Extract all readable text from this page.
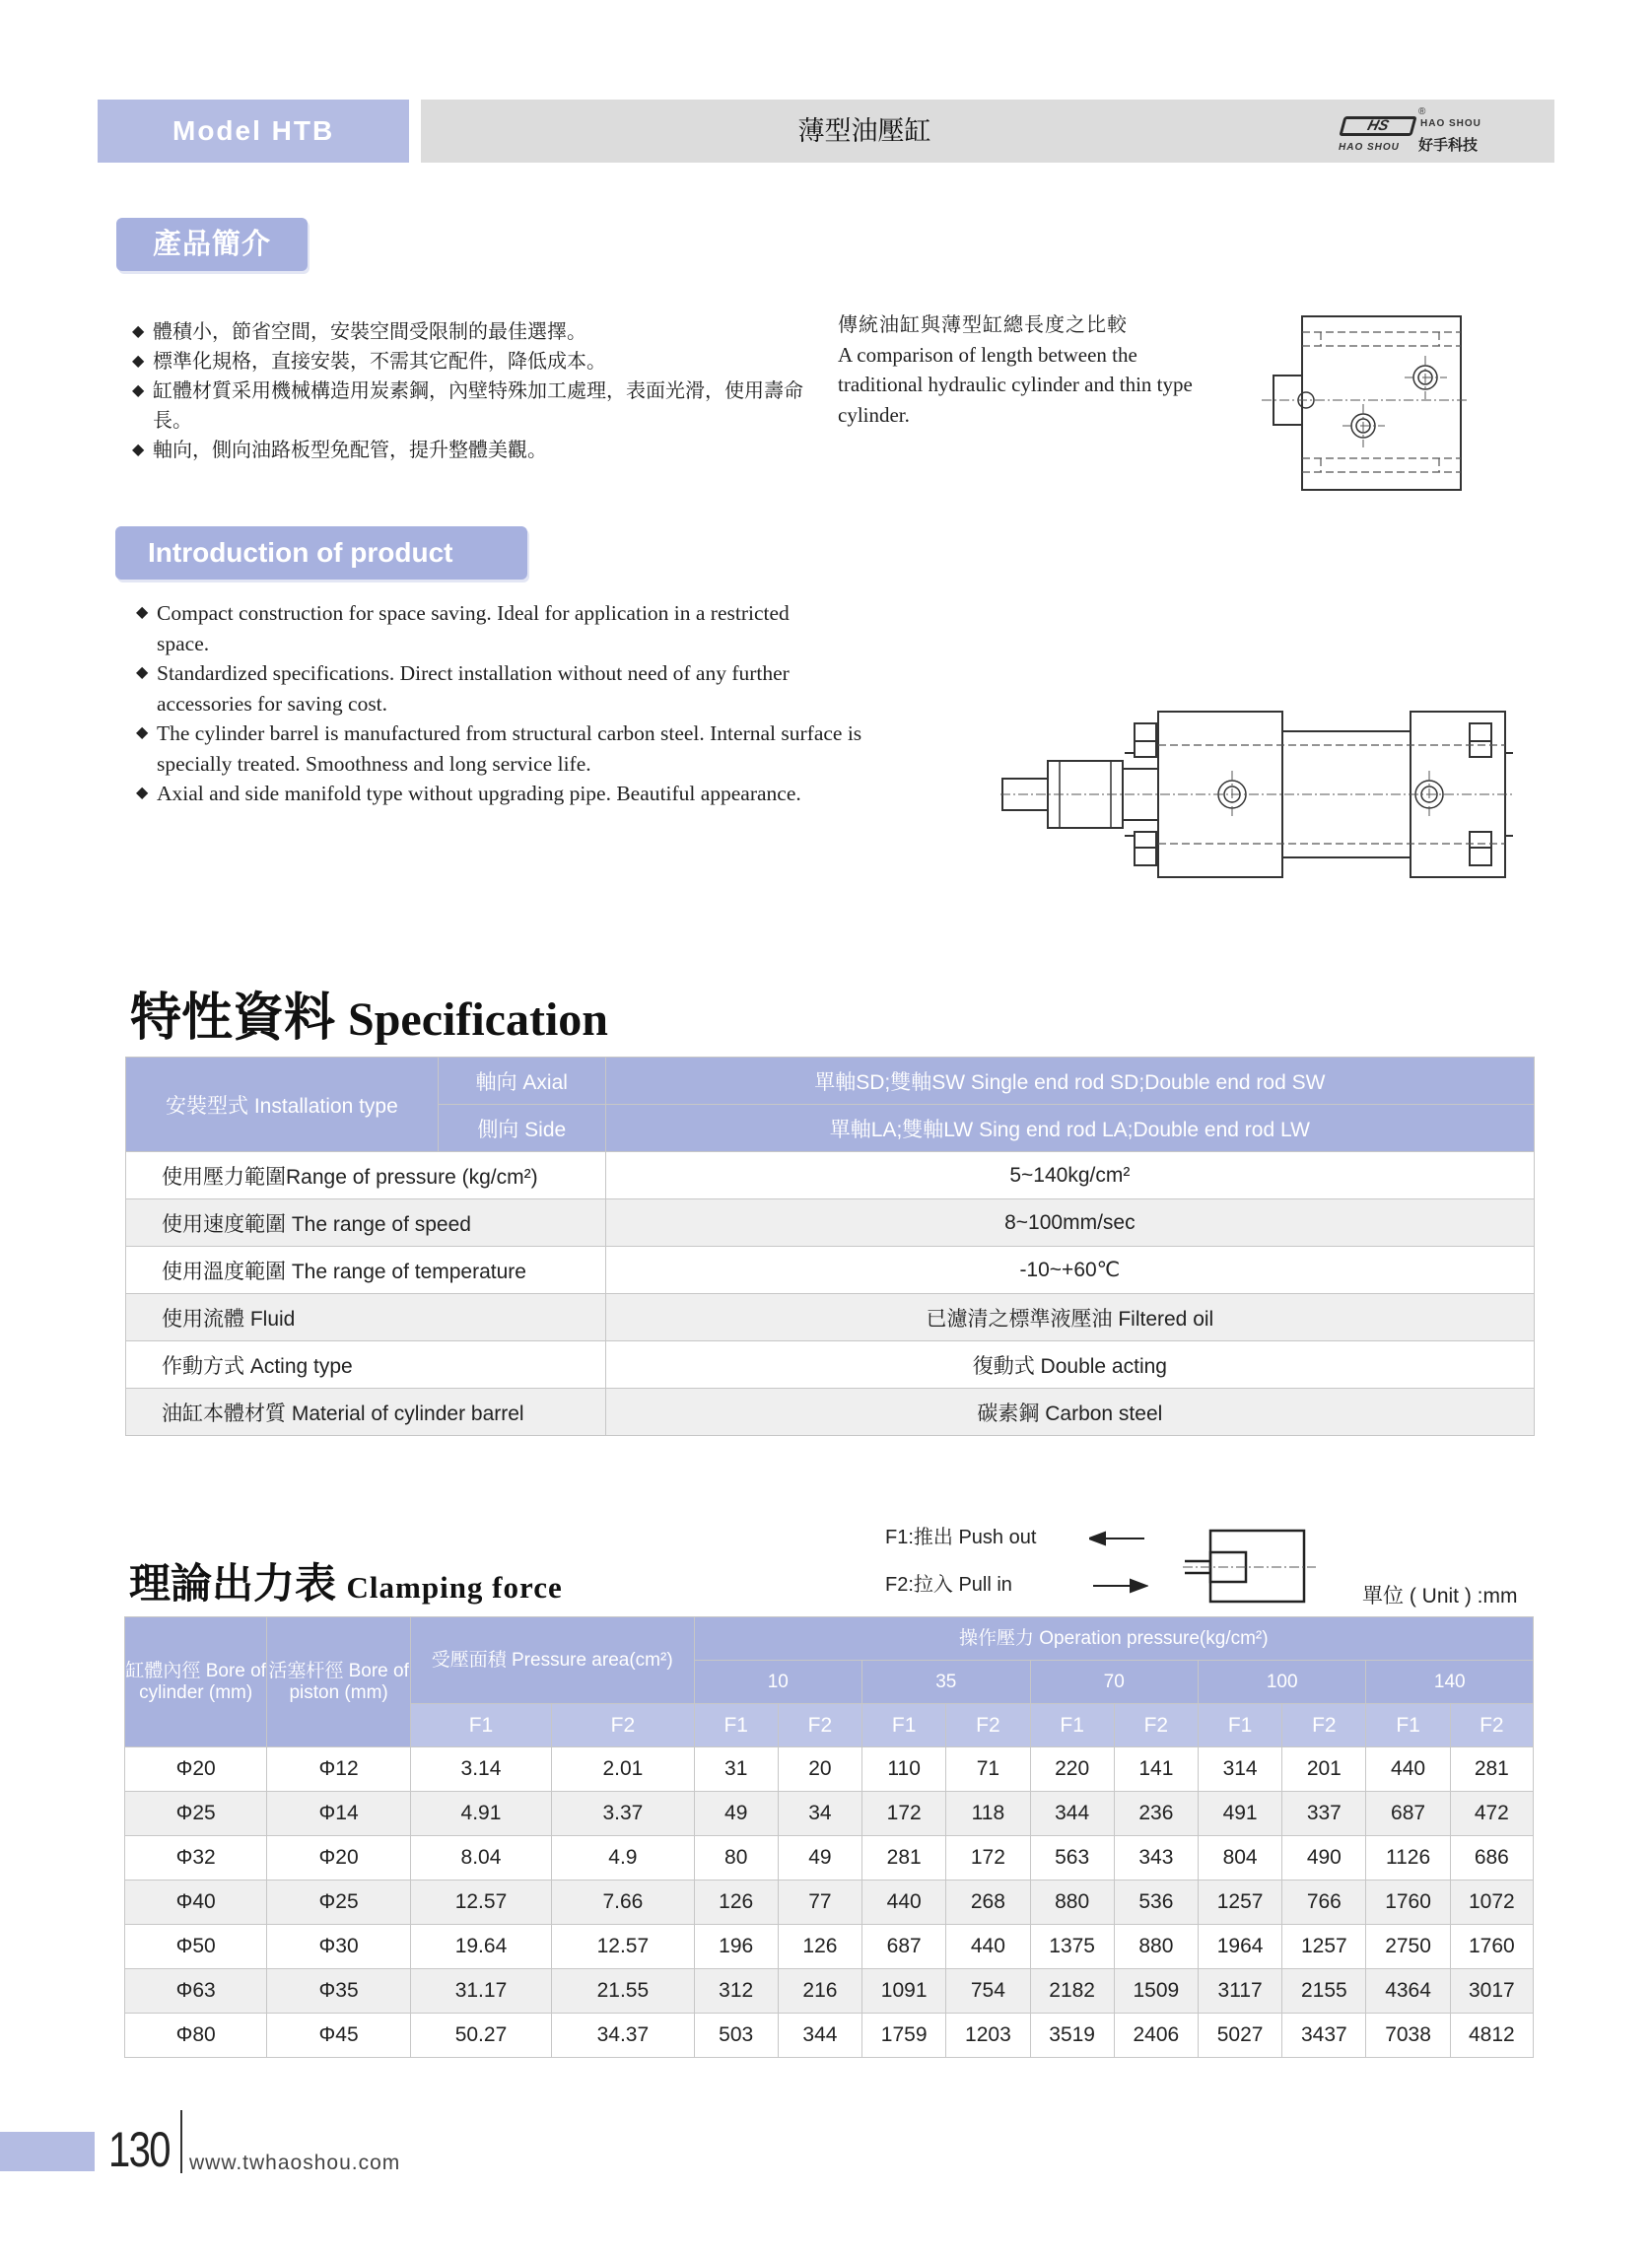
Model HTB	薄型油壓缸	HS
®
HAO SHOU
HAO SHOU 好手科技
產品簡介
◆ 體積小，節省空間，安裝空間受限制的最佳選擇。
◆ 標準化規格，直接安裝，不需其它配件，降低成本。
◆ 缸體材質采用機械構造用炭素鋼，內壁特殊加工處理，表面光滑，使用壽命長。
◆ 軸向，側向油路板型免配管，提升整體美觀。
傳統油缸與薄型缸總長度之比較
A comparison of length between the traditional hydraulic cylinder and thin type cylinder.
Introduction of product
◆ Compact construction for space saving. Ideal for application in a restricted space.
◆ Standardized specifications. Direct installation without need of any further accessories for saving cost.
◆ The cylinder barrel is manufactured from structural carbon steel. Internal surface is specially treated. Smoothness and long service life.
◆ Axial and side manifold type without upgrading pipe. Beautiful appearance.
特性資料 Specification
安裝型式 Installation type	軸向 Axial	單軸SD;雙軸SW Single end rod SD;Double end rod SW
	側向 Side	單軸LA;雙軸LW Sing end rod LA;Double end rod LW
使用壓力範圍Range of pressure (kg/cm²)		5~140kg/cm²
使用速度範圍 The range of speed		8~100mm/sec
使用溫度範圍 The range of temperature		-10~+60℃
使用流體 Fluid		已濾清之標準液壓油 Filtered oil
作動方式 Acting type		復動式 Double acting
油缸本體材質 Material of cylinder barrel		碳素鋼 Carbon steel
理論出力表 Clamping force
F1:推出 Push out
F2:拉入 Pull in	單位 ( Unit ) :mm
缸體內徑 Bore of cylinder (mm)	活塞杆徑 Bore of piston (mm)	受壓面積 Pressure area(cm²)		操作壓力 Operation pressure(kg/cm²)									
				10		35		70		100		140	
		F1	F2	F1	F2	F1	F2	F1	F2	F1	F2	F1	F2
Φ20	Φ12	3.14	2.01	31	20	110	71	220	141	314	201	440	281
Φ25	Φ14	4.91	3.37	49	34	172	118	344	236	491	337	687	472
Φ32	Φ20	8.04	4.9	80	49	281	172	563	343	804	490	1126	686
Φ40	Φ25	12.57	7.66	126	77	440	268	880	536	1257	766	1760	1072
Φ50	Φ30	19.64	12.57	196	126	687	440	1375	880	1964	1257	2750	1760
Φ63	Φ35	31.17	21.55	312	216	1091	754	2182	1509	3117	2155	4364	3017
Φ80	Φ45	50.27	34.37	503	344	1759	1203	3519	2406	5027	3437	7038	4812
130 www.twhaoshou.com
